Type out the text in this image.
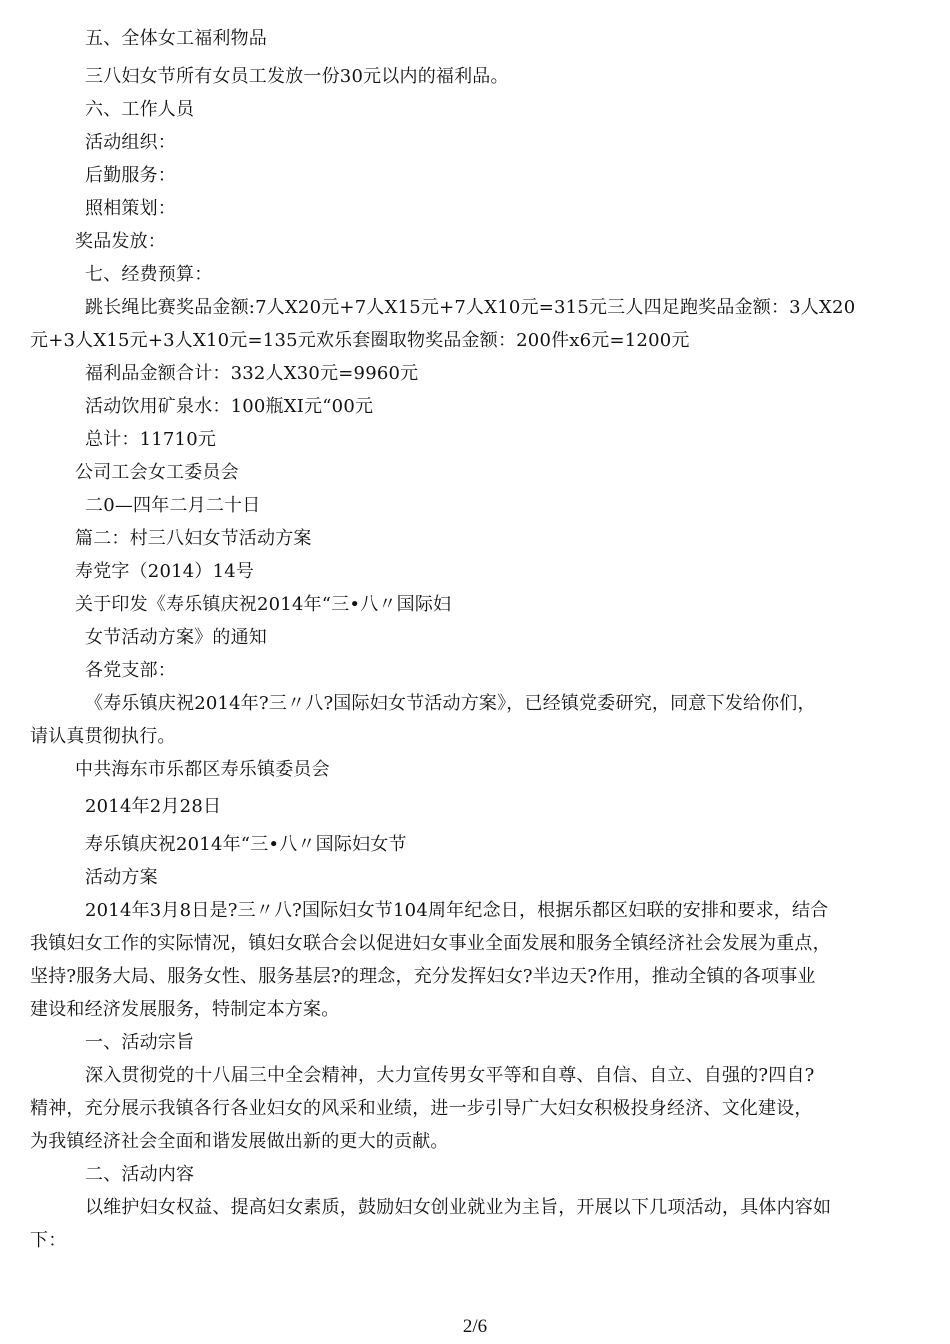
五、全体女工福利物品
三八妇女节所有女员工发放一份30元以内的福利品。
六、工作人员
活动组织：
后勤服务：
照相策划：
奖品发放：
七、经费预算：
跳长绳比赛奖品金额:7人X20元+7人X15元+7人X10元=315元三人四足跑奖品金额：3人X20
元+3人X15元+3人X10元=135元欢乐套圈取物奖品金额：200件x6元=1200元
福利品金额合计：332人X30元=9960元
活动饮用矿泉水：100瓶XI元“00元
总计：11710元
公司工会女工委员会
二0—四年二月二十日
篇二：村三八妇女节活动方案
寿党字（2014）14号
关于印发《寿乐镇庆祝2014年“三•八〃国际妇
女节活动方案》的通知
各党支部：
《寿乐镇庆祝2014年?三〃八?国际妇女节活动方案》，已经镇党委研究，同意下发给你们，
请认真贯彻执行。
中共海东市乐都区寿乐镇委员会
2014年2月28日
寿乐镇庆祝2014年“三•八〃国际妇女节
活动方案
2014年3月8日是?三〃八?国际妇女节104周年纪念日，根据乐都区妇联的安排和要求，结合
我镇妇女工作的实际情况，镇妇女联合会以促进妇女事业全面发展和服务全镇经济社会发展为重点，
坚持?服务大局、服务女性、服务基层?的理念，充分发挥妇女?半边天?作用，推动全镇的各项事业
建设和经济发展服务，特制定本方案。
一、活动宗旨
深入贯彻党的十八届三中全会精神，大力宣传男女平等和自尊、自信、自立、自强的?四自?
精神，充分展示我镇各行各业妇女的风采和业绩，进一步引导广大妇女积极投身经济、文化建设，
为我镇经济社会全面和谐发展做出新的更大的贡献。
二、活动内容
以维护妇女权益、提高妇女素质，鼓励妇女创业就业为主旨，开展以下几项活动，具体内容如
下：
2/6
